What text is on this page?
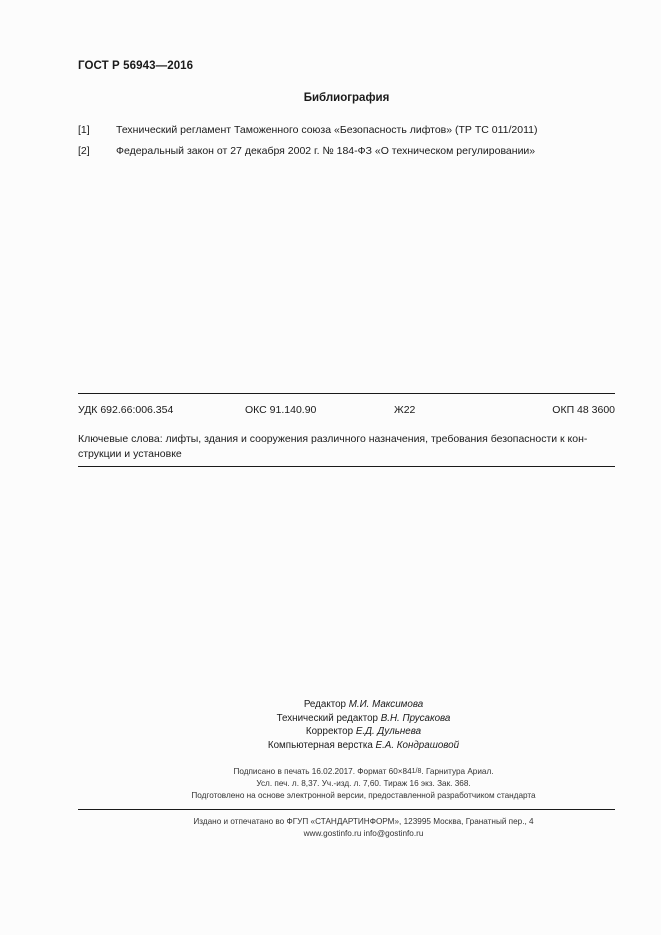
ГОСТ Р 56943—2016
Библиография
[1]	Технический регламент Таможенного союза «Безопасность лифтов» (ТР ТС 011/2011)
[2]	Федеральный закон от 27 декабря 2002 г. № 184-ФЗ «О техническом регулировании»
УДК 692.66:006.354	ОКС 91.140.90	Ж22	ОКП 48 3600
Ключевые слова: лифты, здания и сооружения различного назначения, требования безопасности к кон-
струкции и установке
Редактор М.И. Максимова
Технический редактор В.Н. Прусакова
Корректор Е.Д. Дульнева
Компьютерная верстка Е.А. Кондрашовой
Подписано в печать 16.02.2017. Формат 60×841/8. Гарнитура Ариал.
Усл. печ. л. 8,37. Уч.-изд. л. 7,60. Тираж 16 экз. Зак. 368.
Подготовлено на основе электронной версии, предоставленной разработчиком стандарта
Издано и отпечатано во ФГУП «СТАНДАРТИНФОРМ», 123995 Москва, Гранатный пер., 4
www.gostinfo.ru info@gostinfo.ru
